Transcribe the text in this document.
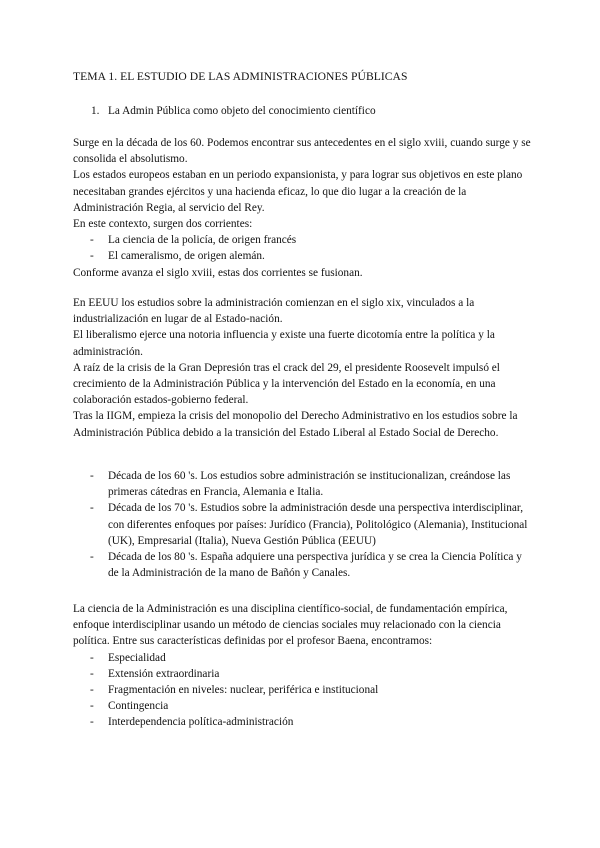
TEMA 1. EL ESTUDIO DE LAS ADMINISTRACIONES PÚBLICAS
1. La Admin Pública como objeto del conocimiento científico

Surge en la década de los 60. Podemos encontrar sus antecedentes en el siglo xviii, cuando surge y se consolida el absolutismo.

Los estados europeos estaban en un periodo expansionista, y para lograr sus objetivos en este plano necesitaban grandes ejércitos y una hacienda eficaz, lo que dio lugar a la creación de la Administración Regia, al servicio del Rey.

En este contexto, surgen dos corrientes:

- La ciencia de la policía, de origen francés
- El cameralismo, de origen alemán.

Conforme avanza el siglo xviii, estas dos corrientes se fusionan.

En EEUU los estudios sobre la administración comienzan en el siglo xix, vinculados a la industrialización en lugar de al Estado-nación.

El liberalismo ejerce una notoria influencia y existe una fuerte dicotomía entre la política y la administración.

A raíz de la crisis de la Gran Depresión tras el crack del 29, el presidente Roosevelt impulsó el crecimiento de la Administración Pública y la intervención del Estado en la economía, en una colaboración estados-gobierno federal.

Tras la IIGM, empieza la crisis del monopolio del Derecho Administrativo en los estudios sobre la Administración Pública debido a la transición del Estado Liberal al Estado Social de Derecho.

- Década de los 60 's. Los estudios sobre administración se institucionalizan, creándose las primeras cátedras en Francia, Alemania e Italia.
- Década de los 70 's. Estudios sobre la administración desde una perspectiva interdisciplinar, con diferentes enfoques por países: Jurídico (Francia), Politológico (Alemania), Institucional (UK), Empresarial (Italia), Nueva Gestión Pública (EEUU)
- Década de los 80 's. España adquiere una perspectiva jurídica y se crea la Ciencia Política y de la Administración de la mano de Bañón y Canales.

La ciencia de la Administración es una disciplina científico-social, de fundamentación empírica, enfoque interdisciplinar usando un método de ciencias sociales muy relacionado con la ciencia política. Entre sus características definidas por el profesor Baena, encontramos:

- Especialidad
- Extensión extraordinaria
- Fragmentación en niveles: nuclear, periférica e institucional
- Contingencia
- Interdependencia política-administración
